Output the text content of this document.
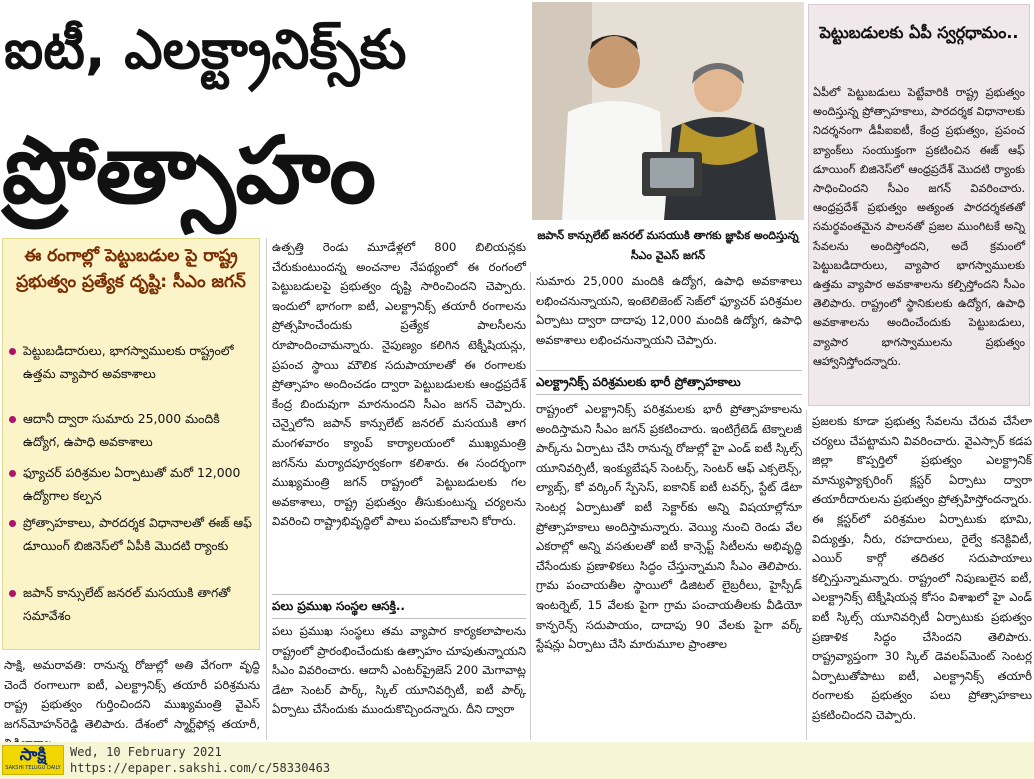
ఐటీ, ఎలక్ట్రానిక్స్‌కు
ప్రోత్సాహం
జపాన్‌ కాన్సులేట్‌ జనరల్‌ మసయుకి తాగకు జ్ఞాపిక అందిస్తున్న సీఎం వైఎస్‌ జగన్‌
పెట్టుబడులకు ఏపీ స్వర్గధామం..
ఏపీలో పెట్టుబడులు పెట్టేవారికి రాష్ట్ర ప్రభుత్వం అందిస్తున్న ప్రోత్సాహకాలు, పారదర్శక విధానాలకు నిదర్శనంగా డీపీఐఐటీ, కేంద్ర ప్రభుత్వం, ప్రపంచ బ్యాంక్‌లు సంయుక్తంగా ప్రకటించిన ఈజ్‌ ఆఫ్‌ డూయింగ్‌ బిజినెస్‌లో ఆంధ్రప్రదేశ్‌ మొదటి ర్యాంకు సాధించిందని సీఎం జగన్‌ వివరించారు. ఆంధ్రప్రదేశ్‌ ప్రభుత్వం అత్యంత పారదర్శకతతో సమర్థవంతమైన పాలనతో ప్రజల ముంగిటకే అన్ని సేవలను అందిస్తోందని, అదే క్రమంలో పెట్టుబడిదారులు, వ్యాపార భాగస్వాములకు ఉత్తమ వ్యాపార అవకాశాలను కల్పిస్తోందని సీఎం తెలిపారు. రాష్ట్రంలో స్థానికులకు ఉద్యోగ, ఉపాధి అవకాశాలను అందించేందుకు పెట్టుబడులు, వ్యాపార భాగస్వాములను ప్రభుత్వం ఆహ్వానిస్తోందన్నారు.
ఈ రంగాల్లో పెట్టుబడుల పై రాష్ట్ర ప్రభుత్వం ప్రత్యేక దృష్టి: సీఎం జగన్‌
పెట్టుబడిదారులు, భాగస్వాములకు రాష్ట్రంలో ఉత్తమ వ్యాపార అవకాశాలు
ఆదానీ ద్వారా సుమారు 25,000 మందికి ఉద్యోగ, ఉపాధి అవకాశాలు
ఫ్యూచర్‌ పరిశ్రమల ఏర్పాటుతో మరో 12,000 ఉద్యోగాల కల్పన
ప్రోత్సాహకాలు, పారదర్శక విధానాలతో ఈజ్‌ ఆఫ్‌ డూయింగ్‌ బిజినెస్‌లో ఏపీకి మొదటి ర్యాంకు
జపాన్‌ కాన్సులేట్‌ జనరల్‌ మసయుకి తాగతో సమావేశం
సాక్షి, అమరావతి: రానున్న రోజుల్లో అతి వేగంగా వృద్ధి చెందే రంగాలుగా ఐటీ, ఎలక్ట్రానిక్స్‌ తయారీ పరిశ్రమను రాష్ట్ర ప్రభుత్వం గుర్తించిందని ముఖ్యమంత్రి వైఎస్‌ జగన్‌మోహన్‌రెడ్డి తెలిపారు. దేశంలో స్మార్ట్‌ఫోన్ల తయారీ,
ఉత్పత్తి రెండు మూడేళ్లలో 800 బిలియన్లకు చేరుకుంటుందన్న అంచనాల నేపథ్యంలో ఈ రంగంలో పెట్టుబడులపై ప్రభుత్వం దృష్టి సారించిందని చెప్పారు. ఇందులో భాగంగా ఐటీ, ఎలక్ట్రానిక్స్‌ తయారీ రంగాలను ప్రోత్సహించేందుకు ప్రత్యేక పాలసీలను రూపొందించామన్నారు. నైపుణ్యం కలిగిన టెక్నీషియన్లు, ప్రపంచ స్థాయి మౌలిక సదుపాయాలతో ఈ రంగాలకు ప్రోత్సాహం అందించడం ద్వారా పెట్టుబడులకు ఆంధ్రప్రదేశ్‌ కేంద్ర బిందువుగా మారనుందని సీఎం జగన్‌ చెప్పారు. చెన్నైలోని జపాన్‌ కాన్సులేట్‌ జనరల్‌ మసయుకి తాగ మంగళవారం క్యాంప్‌ కార్యాలయంలో ముఖ్యమంత్రి జగన్‌ను మర్యాదపూర్వకంగా కలిశారు. ఈ సందర్భంగా ముఖ్యమంత్రి జగన్‌ రాష్ట్రంలో పెట్టుబడులకు గల అవకాశాలు, రాష్ట్ర ప్రభుత్వం తీసుకుంటున్న చర్యలను వివరించి రాష్ట్రాభివృద్ధిలో పాలు పంచుకోవాలని కోరారు.
పలు ప్రముఖ సంస్థల ఆసక్తి..
పలు ప్రముఖ సంస్థలు తమ వ్యాపార కార్యకలాపాలను రాష్ట్రంలో ప్రారంభించేందుకు ఉత్సాహం చూపుతున్నాయని సీఎం వివరించారు. ఆదానీ ఎంటర్‌ప్రైజెస్‌ 200 మెగావాట్ల డేటా సెంటర్‌ పార్క్, స్కిల్‌ యూనివర్సిటీ, ఐటీ పార్క్‌ ఏర్పాటు చేసేందుకు ముందుకొచ్చిందన్నారు. దీని ద్వారా
సుమారు 25,000 మందికి ఉద్యోగ, ఉపాధి అవకాశాలు లభించనున్నాయని, ఇంటెలిజెంట్‌ సెజ్‌లో ఫ్యూచర్‌ పరిశ్రమల ఏర్పాటు ద్వారా దాదాపు 12,000 మందికి ఉద్యోగ, ఉపాధి అవకాశాలు లభించనున్నాయని చెప్పారు.
ఎలక్ట్రానిక్స్‌ పరిశ్రమలకు భారీ ప్రోత్సాహకాలు
రాష్ట్రంలో ఎలక్ట్రానిక్స్‌ పరిశ్రమలకు భారీ ప్రోత్సాహకాలను అందిస్తామని సీఎం జగన్‌ ప్రకటించారు. ఇంటిగ్రేటెడ్‌ టెక్నాలజీ పార్క్‌ను ఏర్పాటు చేసి రానున్న రోజుల్లో హై ఎండ్‌ ఐటీ స్కిల్స్‌ యూనివర్సిటీ, ఇంక్యుబేషన్‌ సెంటర్స్, సెంటర్‌ ఆఫ్‌ ఎక్సలెన్స్, ల్యాబ్స్, కో వర్కింగ్‌ స్పేసెస్, ఐకానిక్‌ ఐటీ టవర్స్, స్టేట్‌ డేటా సెంటర్ల ఏర్పాటుతో ఐటీ సెక్టార్‌కు అన్ని విషయాల్లోనూ ప్రోత్సాహకాలు అందిస్తామన్నారు. వెయ్యి నుంచి రెండు వేల ఎకరాల్లో అన్ని వసతులతో ఐటీ కాన్సెప్ట్‌ సిటీలను అభివృద్ధి చేసేందుకు ప్రణాళికలు సిద్ధం చేస్తున్నామని సీఎం తెలిపారు. గ్రామ పంచాయతీల స్థాయిలో డిజిటల్‌ లైబ్రరీలు, హైస్పీడ్‌ ఇంటర్నెట్, 15 వేలకు పైగా గ్రామ పంచాయతీలకు వీడియో కాన్ఫరెన్స్‌ సదుపాయం, దాదాపు 90 వేలకు పైగా వర్క్‌ స్టేషన్లు ఏర్పాటు చేసి మారుమూల ప్రాంతాల
ప్రజలకు కూడా ప్రభుత్వ సేవలను చేరువ చేసేలా చర్యలు చేపట్టామని వివరించారు. వైఎస్సార్‌ కడప జిల్లా కొప్పర్తిలో ప్రభుత్వం ఎలక్ట్రానిక్‌ మాన్యుఫ్యాక్చరింగ్‌ క్లస్టర్‌ ఏర్పాటు ద్వారా తయారీదారులను ప్రభుత్వం ప్రోత్సహిస్తోందన్నారు. ఈ క్లస్టర్‌లో పరిశ్రమల ఏర్పాటుకు భూమి, విద్యుత్తు, నీరు, రహదారులు, రైల్వే కనెక్టివిటీ, ఎయిర్‌ కార్గో తదితర సదుపాయాలు కల్పిస్తున్నామన్నారు. రాష్ట్రంలో నిపుణులైన ఐటీ, ఎలక్ట్రానిక్స్‌ టెక్నీషియన్ల కోసం విశాఖలో హై ఎండ్‌ ఐటీ స్కిల్స్‌ యూనివర్సిటీ ఏర్పాటుకు ప్రభుత్వం ప్రణాళిక సిద్ధం చేసిందని తెలిపారు. రాష్ట్రవ్యాప్తంగా 30 స్కిల్‌ డెవలప్‌మెంట్‌ సెంటర్ల ఏర్పాటుతోపాటు ఐటీ, ఎలక్ట్రానిక్స్‌ తయారీ రంగాలకు ప్రభుత్వం పలు ప్రోత్సాహకాలు ప్రకటించిందని చెప్పారు.
సాక్షి
SAKSHI TELUGU DAILY
Wed, 10 February 2021
https://epaper.sakshi.com/c/58330463
